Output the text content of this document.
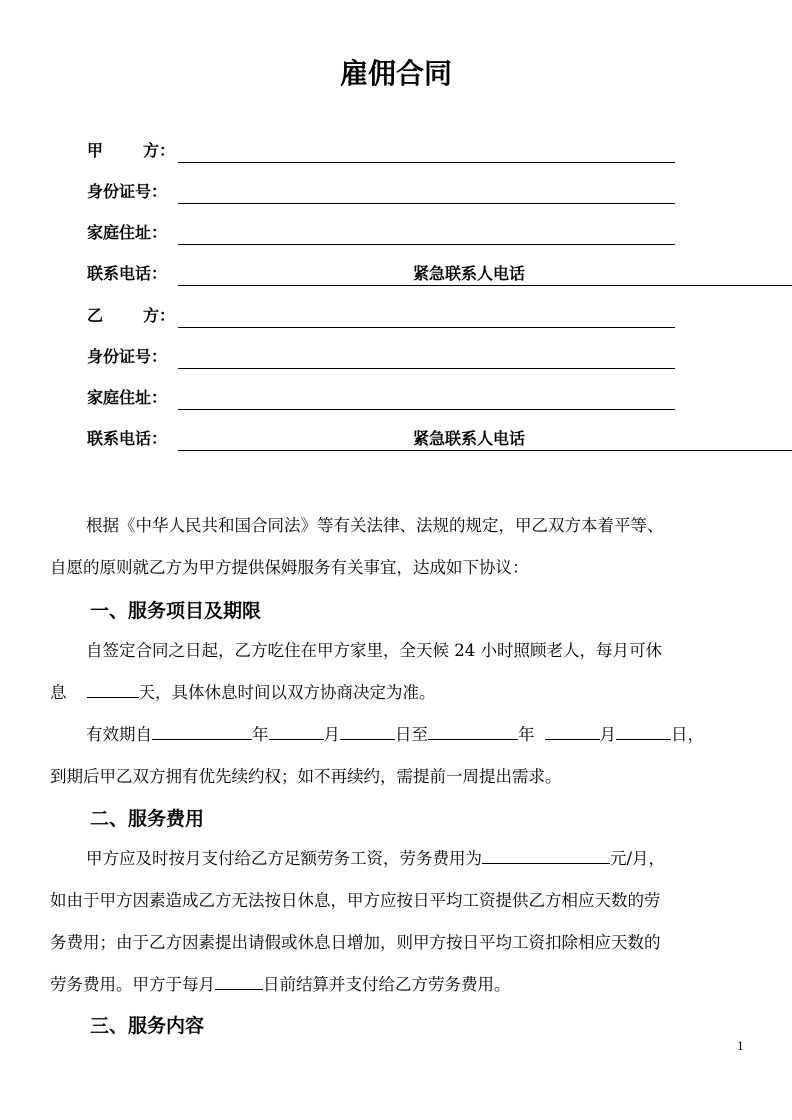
雇佣合同
甲	方：
身份证号：
家庭住址：
联系电话：	紧急联系人电话
乙	方：
身份证号：
家庭住址：
联系电话：	紧急联系人电话
根据《中华人民共和国合同法》等有关法律、法规的规定，甲乙双方本着平等、
自愿的原则就乙方为甲方提供保姆服务有关事宜，达成如下协议：
一、服务项目及期限
自签定合同之日起，乙方吃住在甲方家里，全天候 24 小时照顾老人，每月可休
息	天，具体休息时间以双方协商决定为准。
有效期自	年	月	日至	年	月	日，
到期后甲乙双方拥有优先续约权；如不再续约，需提前一周提出需求。
二、服务费用
甲方应及时按月支付给乙方足额劳务工资，劳务费用为	元/月，
如由于甲方因素造成乙方无法按日休息，甲方应按日平均工资提供乙方相应天数的劳
务费用；由于乙方因素提出请假或休息日增加，则甲方按日平均工资扣除相应天数的
劳务费用。甲方于每月	日前结算并支付给乙方劳务费用。
三、服务内容
1
